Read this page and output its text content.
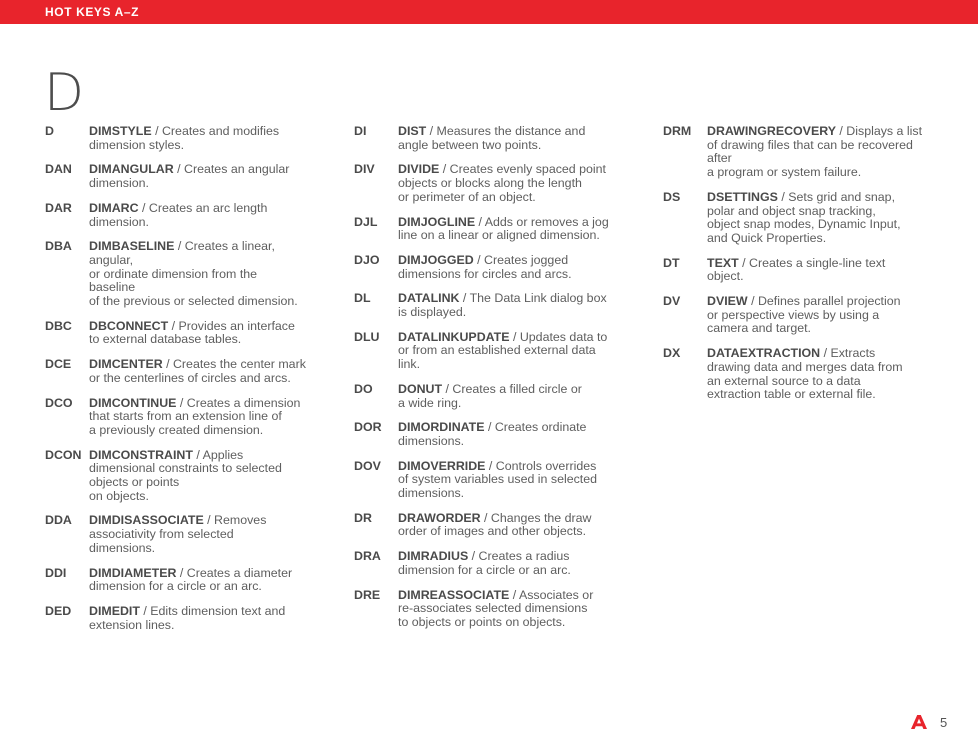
HOT KEYS A–Z
D
D	DIMSTYLE / Creates and modifies
dimension styles.
DAN DIMANGULAR / Creates an angular
dimension.
DAR DIMARC / Creates an arc length
dimension.
DBA DIMBASELINE / Creates a linear,
angular,
or ordinate dimension from the
baseline
of the previous or selected dimension.
DBC DBCONNECT / Provides an interface
to external database tables.
DCE DIMCENTER / Creates the center mark
or the centerlines of circles and arcs.
DCO DIMCONTINUE / Creates a dimension
that starts from an extension line of
a previously created dimension.
DCON DIMCONSTRAINT / Applies
dimensional constraints to selected
objects or points
on objects.
DDA DIMDISASSOCIATE / Removes
associativity from selected
dimensions.
DDI DIMDIAMETER / Creates a diameter
dimension for a circle or an arc.
DED DIMEDIT / Edits dimension text and
extension lines.
DI	DIST / Measures the distance and
angle between two points.
DIV DIVIDE / Creates evenly spaced point
objects or blocks along the length
or perimeter of an object.
DJL DIMJOGLINE / Adds or removes a jog
line on a linear or aligned dimension.
DJO DIMJOGGED / Creates jogged
dimensions for circles and arcs.
DL DATALINK / The Data Link dialog box
is displayed.
DLU DATALINKUPDATE / Updates data to
or from an established external data
link.
DO DONUT / Creates a filled circle or
a wide ring.
DOR DIMORDINATE / Creates ordinate
dimensions.
DOV DIMOVERRIDE / Controls overrides
of system variables used in selected
dimensions.
DR DRAWORDER / Changes the draw
order of images and other objects.
DRA DIMRADIUS / Creates a radius
dimension for a circle or an arc.
DRE DIMREASSOCIATE / Associates or
re-associates selected dimensions
to objects or points on objects.
DRM DRAWINGRECOVERY / Displays a list
of drawing files that can be recovered
after
a program or system failure.
DS DSETTINGS / Sets grid and snap,
polar and object snap tracking,
object snap modes, Dynamic Input,
and Quick Properties.
DT TEXT / Creates a single-line text
object.
DV DVIEW / Defines parallel projection
or perspective views by using a
camera and target.
DX DATAEXTRACTION / Extracts
drawing data and merges data from
an external source to a data
extraction table or external file.
5
